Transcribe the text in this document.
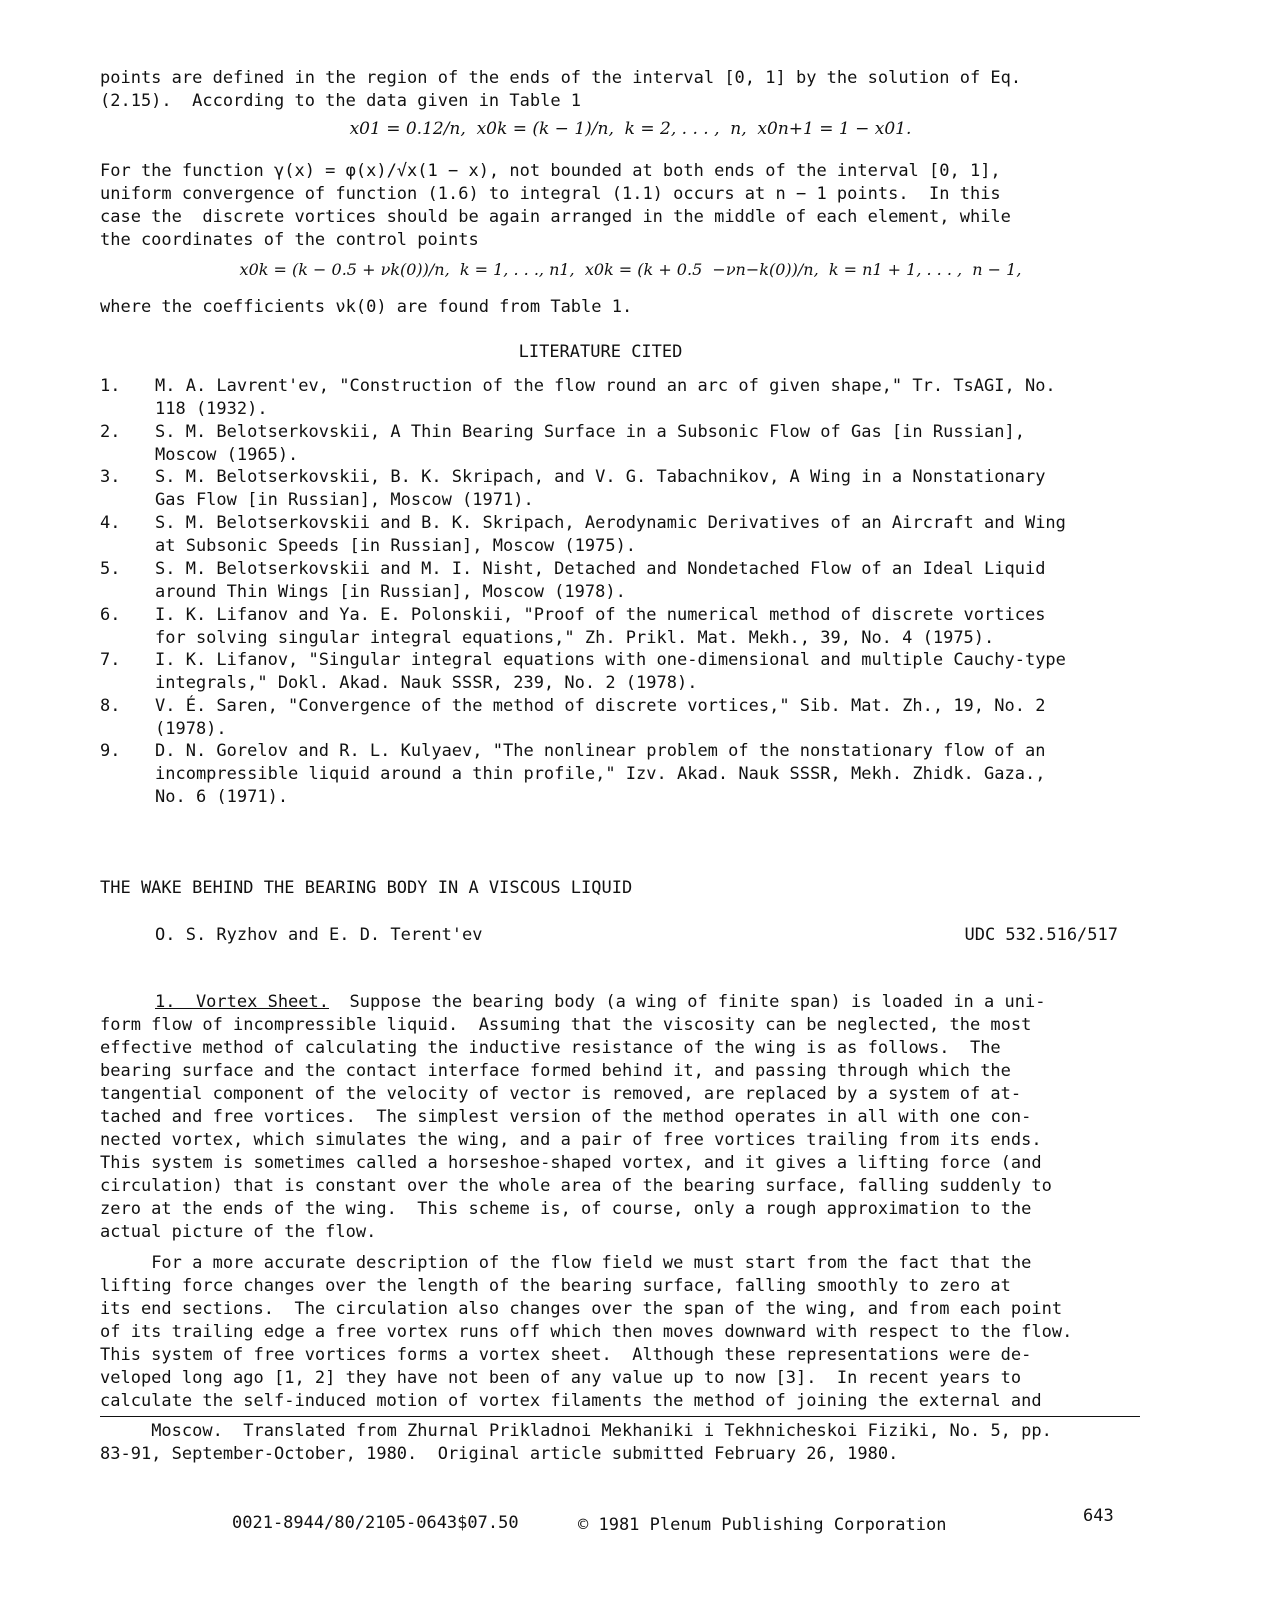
points are defined in the region of the ends of the interval [0, 1] by the solution of Eq.
(2.15).  According to the data given in Table 1
x01 = 0.12/n,  x0k = (k − 1)/n,  k = 2, . . . ,  n,  x0n+1 = 1 − x01.
For the function γ(x) = φ(x)/√x(1 − x), not bounded at both ends of the interval [0, 1],
uniform convergence of function (1.6) to integral (1.1) occurs at n − 1 points.  In this
case the  discrete vortices should be again arranged in the middle of each element, while
the coordinates of the control points
x0k = (k − 0.5 + νk(0))/n,  k = 1, . . ., n1,  x0k = (k + 0.5  −νn−k(0))/n,  k = n1 + 1, . . . ,  n − 1,
where the coefficients νk(0) are found from Table 1.
LITERATURE CITED
1. M. A. Lavrent'ev, "Construction of the flow round an arc of given shape," Tr. TsAGI, No.
118 (1932).
2. S. M. Belotserkovskii, A Thin Bearing Surface in a Subsonic Flow of Gas [in Russian],
Moscow (1965).
3. S. M. Belotserkovskii, B. K. Skripach, and V. G. Tabachnikov, A Wing in a Nonstationary
Gas Flow [in Russian], Moscow (1971).
4. S. M. Belotserkovskii and B. K. Skripach, Aerodynamic Derivatives of an Aircraft and Wing
at Subsonic Speeds [in Russian], Moscow (1975).
5. S. M. Belotserkovskii and M. I. Nisht, Detached and Nondetached Flow of an Ideal Liquid
around Thin Wings [in Russian], Moscow (1978).
6. I. K. Lifanov and Ya. E. Polonskii, "Proof of the numerical method of discrete vortices
for solving singular integral equations," Zh. Prikl. Mat. Mekh., 39, No. 4 (1975).
7. I. K. Lifanov, "Singular integral equations with one-dimensional and multiple Cauchy-type
integrals," Dokl. Akad. Nauk SSSR, 239, No. 2 (1978).
8. V. É. Saren, "Convergence of the method of discrete vortices," Sib. Mat. Zh., 19, No. 2
(1978).
9. D. N. Gorelov and R. L. Kulyaev, "The nonlinear problem of the nonstationary flow of an
incompressible liquid around a thin profile," Izv. Akad. Nauk SSSR, Mekh. Zhidk. Gaza.,
No. 6 (1971).
THE WAKE BEHIND THE BEARING BODY IN A VISCOUS LIQUID
O. S. Ryzhov and E. D. Terent'ev	UDC 532.516/517
1.  Vortex Sheet.  Suppose the bearing body (a wing of finite span) is loaded in a uni-
form flow of incompressible liquid.  Assuming that the viscosity can be neglected, the most
effective method of calculating the inductive resistance of the wing is as follows.  The
bearing surface and the contact interface formed behind it, and passing through which the
tangential component of the velocity of vector is removed, are replaced by a system of at-
tached and free vortices.  The simplest version of the method operates in all with one con-
nected vortex, which simulates the wing, and a pair of free vortices trailing from its ends.
This system is sometimes called a horseshoe-shaped vortex, and it gives a lifting force (and
circulation) that is constant over the whole area of the bearing surface, falling suddenly to
zero at the ends of the wing.  This scheme is, of course, only a rough approximation to the
actual picture of the flow.
For a more accurate description of the flow field we must start from the fact that the
lifting force changes over the length of the bearing surface, falling smoothly to zero at
its end sections.  The circulation also changes over the span of the wing, and from each point
of its trailing edge a free vortex runs off which then moves downward with respect to the flow.
This system of free vortices forms a vortex sheet.  Although these representations were de-
veloped long ago [1, 2] they have not been of any value up to now [3].  In recent years to
calculate the self-induced motion of vortex filaments the method of joining the external and
Moscow.  Translated from Zhurnal Prikladnoi Mekhaniki i Tekhnicheskoi Fiziki, No. 5, pp.
83-91, September-October, 1980.  Original article submitted February 26, 1980.
0021-8944/80/2105-0643$07.50	© 1981 Plenum Publishing Corporation	643
